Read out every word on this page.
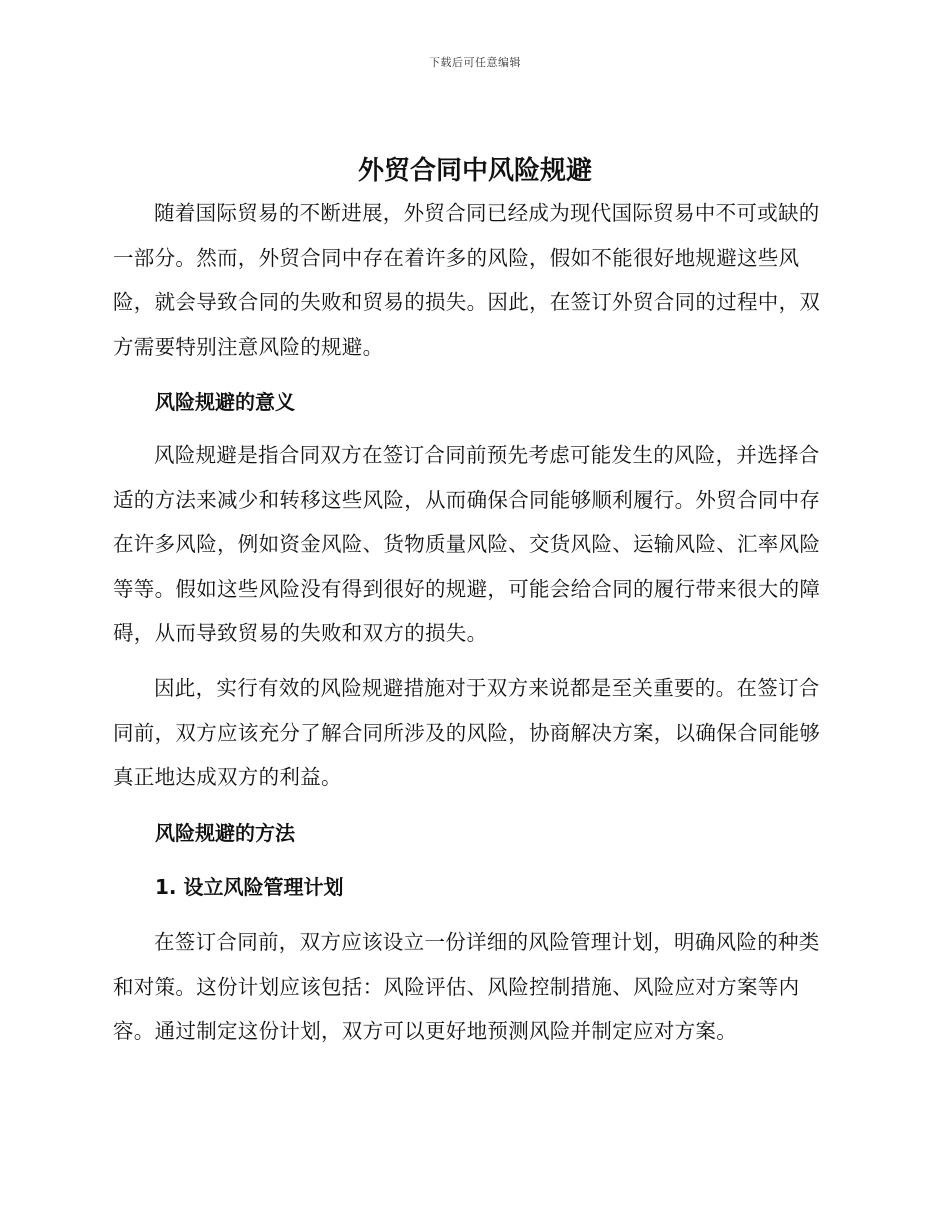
下载后可任意编辑
外贸合同中风险规避

随着国际贸易的不断进展，外贸合同已经成为现代国际贸易中不可或缺的一部分。然而，外贸合同中存在着许多的风险，假如不能很好地规避这些风险，就会导致合同的失败和贸易的损失。因此，在签订外贸合同的过程中，双方需要特别注意风险的规避。

风险规避的意义

风险规避是指合同双方在签订合同前预先考虑可能发生的风险，并选择合适的方法来减少和转移这些风险，从而确保合同能够顺利履行。外贸合同中存在许多风险，例如资金风险、货物质量风险、交货风险、运输风险、汇率风险等等。假如这些风险没有得到很好的规避，可能会给合同的履行带来很大的障碍，从而导致贸易的失败和双方的损失。

因此，实行有效的风险规避措施对于双方来说都是至关重要的。在签订合同前，双方应该充分了解合同所涉及的风险，协商解决方案，以确保合同能够真正地达成双方的利益。

风险规避的方法
1. 设立风险管理计划

在签订合同前，双方应该设立一份详细的风险管理计划，明确风险的种类和对策。这份计划应该包括：风险评估、风险控制措施、风险应对方案等内容。通过制定这份计划，双方可以更好地预测风险并制定应对方案。
